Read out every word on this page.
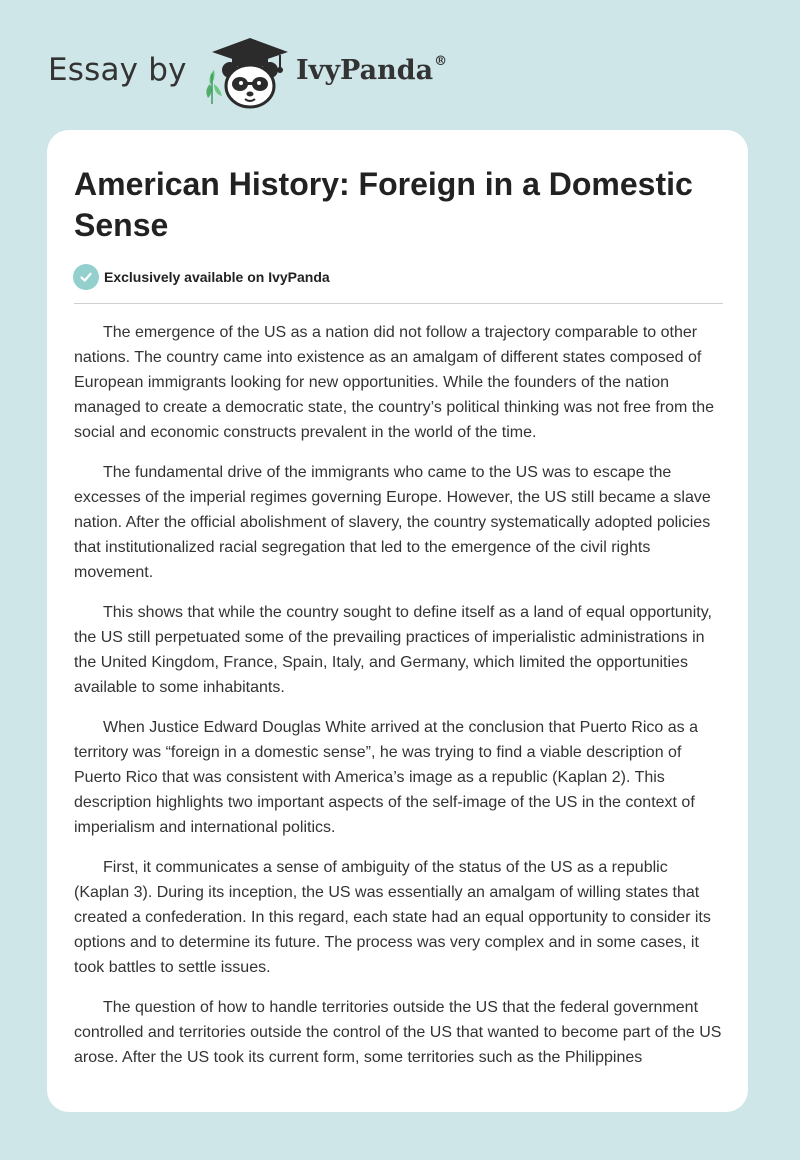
Essay by	IvyPanda®
American History: Foreign in a Domestic Sense
Exclusively available on IvyPanda

The emergence of the US as a nation did not follow a trajectory comparable to other nations. The country came into existence as an amalgam of different states composed of European immigrants looking for new opportunities. While the founders of the nation managed to create a democratic state, the country’s political thinking was not free from the social and economic constructs prevalent in the world of the time.

The fundamental drive of the immigrants who came to the US was to escape the excesses of the imperial regimes governing Europe. However, the US still became a slave nation. After the official abolishment of slavery, the country systematically adopted policies that institutionalized racial segregation that led to the emergence of the civil rights movement.

This shows that while the country sought to define itself as a land of equal opportunity, the US still perpetuated some of the prevailing practices of imperialistic administrations in the United Kingdom, France, Spain, Italy, and Germany, which limited the opportunities available to some inhabitants.

When Justice Edward Douglas White arrived at the conclusion that Puerto Rico as a territory was “foreign in a domestic sense”, he was trying to find a viable description of Puerto Rico that was consistent with America’s image as a republic (Kaplan 2). This description highlights two important aspects of the self-image of the US in the context of imperialism and international politics.

First, it communicates a sense of ambiguity of the status of the US as a republic (Kaplan 3). During its inception, the US was essentially an amalgam of willing states that created a confederation. In this regard, each state had an equal opportunity to consider its options and to determine its future. The process was very complex and in some cases, it took battles to settle issues.

The question of how to handle territories outside the US that the federal government controlled and territories outside the control of the US that wanted to become part of the US arose. After the US took its current form, some territories such as the Philippines
